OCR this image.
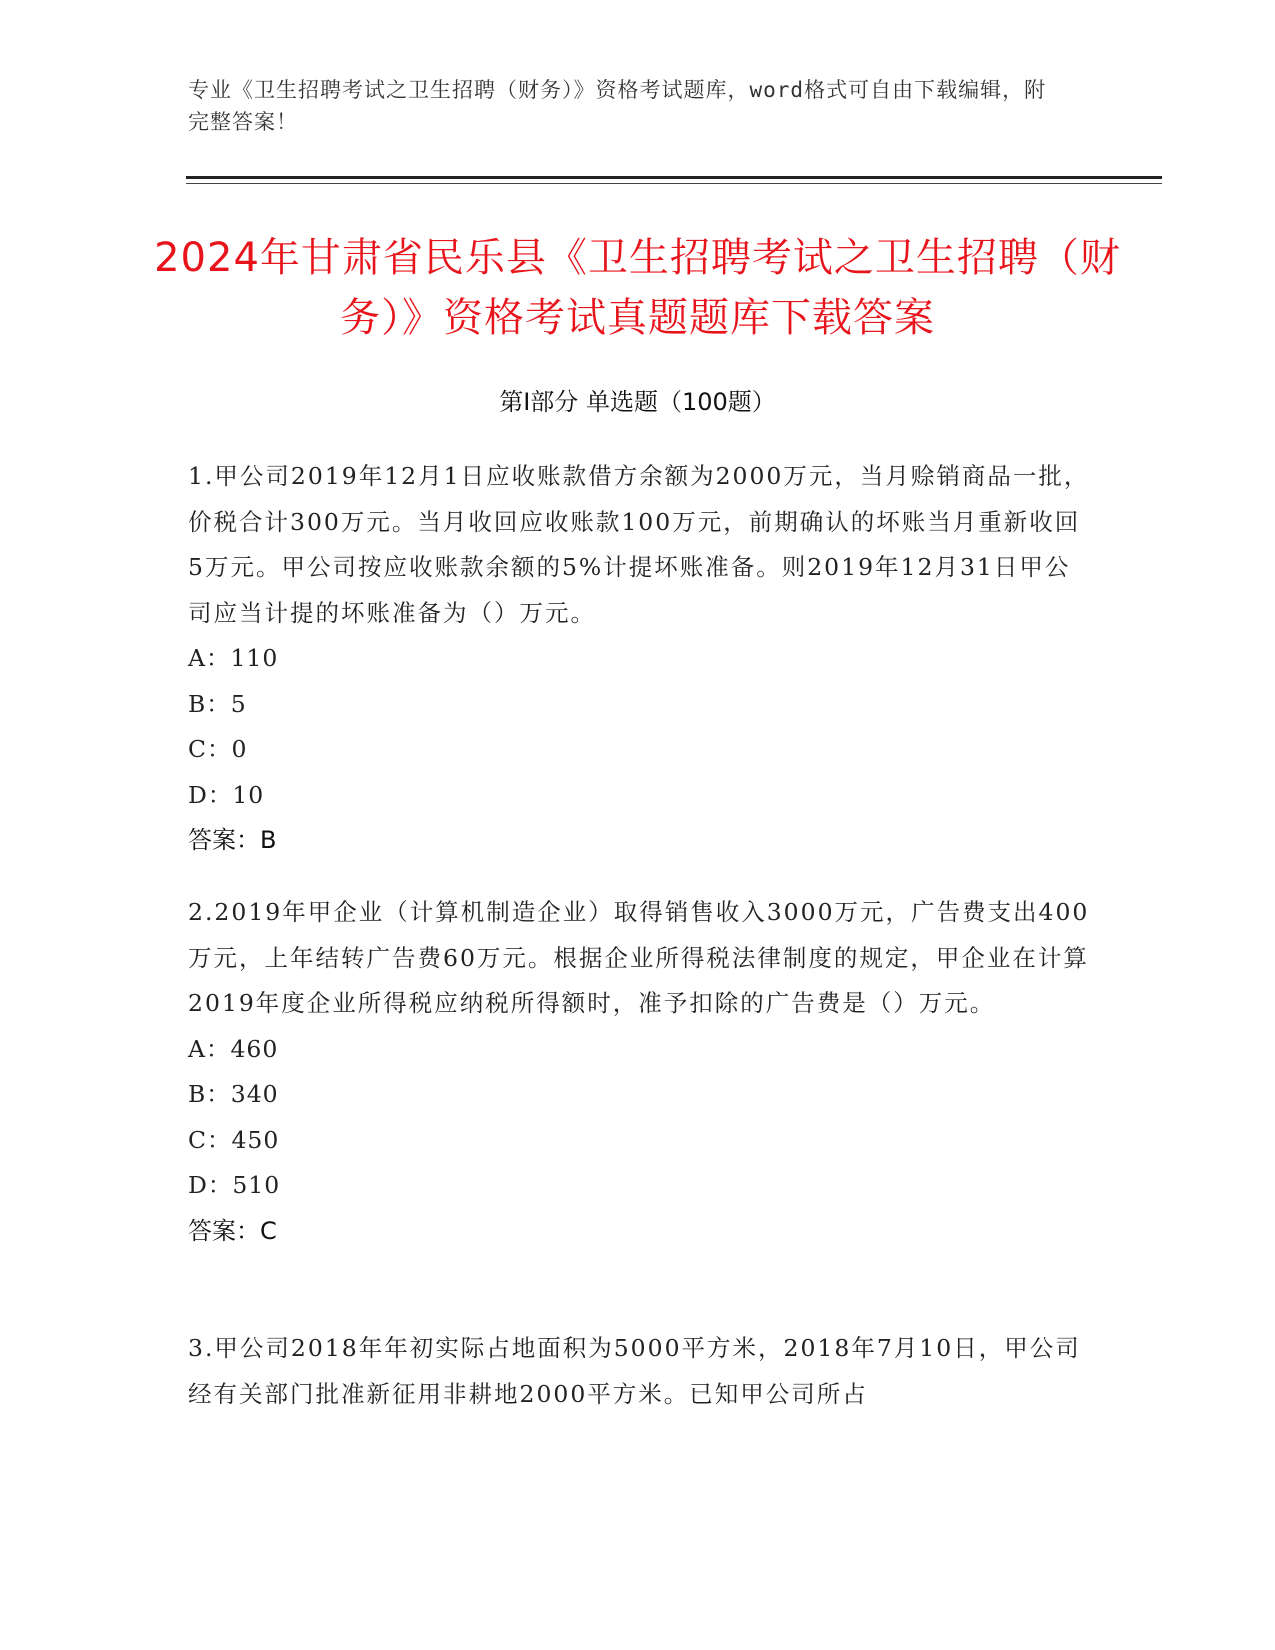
专业《卫生招聘考试之卫生招聘（财务）》资格考试题库，word格式可自由下载编辑，附完整答案！
2024年甘肃省民乐县《卫生招聘考试之卫生招聘（财务）》资格考试真题题库下载答案
第Ⅰ部分 单选题（100题）

1.甲公司2019年12月1日应收账款借方余额为2000万元，当月赊销商品一批，价税合计300万元。当月收回应收账款100万元，前期确认的坏账当月重新收回5万元。甲公司按应收账款余额的5%计提坏账准备。则2019年12月31日甲公司应当计提的坏账准备为（）万元。

A：110

B：5

C：0

D：10

答案：B

2.2019年甲企业（计算机制造企业）取得销售收入3000万元，广告费支出400万元，上年结转广告费60万元。根据企业所得税法律制度的规定，甲企业在计算2019年度企业所得税应纳税所得额时，准予扣除的广告费是（）万元。

A：460

B：340

C：450

D：510

答案：C

3.甲公司2018年年初实际占地面积为5000平方米，2018年7月10日，甲公司经有关部门批准新征用非耕地2000平方米。已知甲公司所占
